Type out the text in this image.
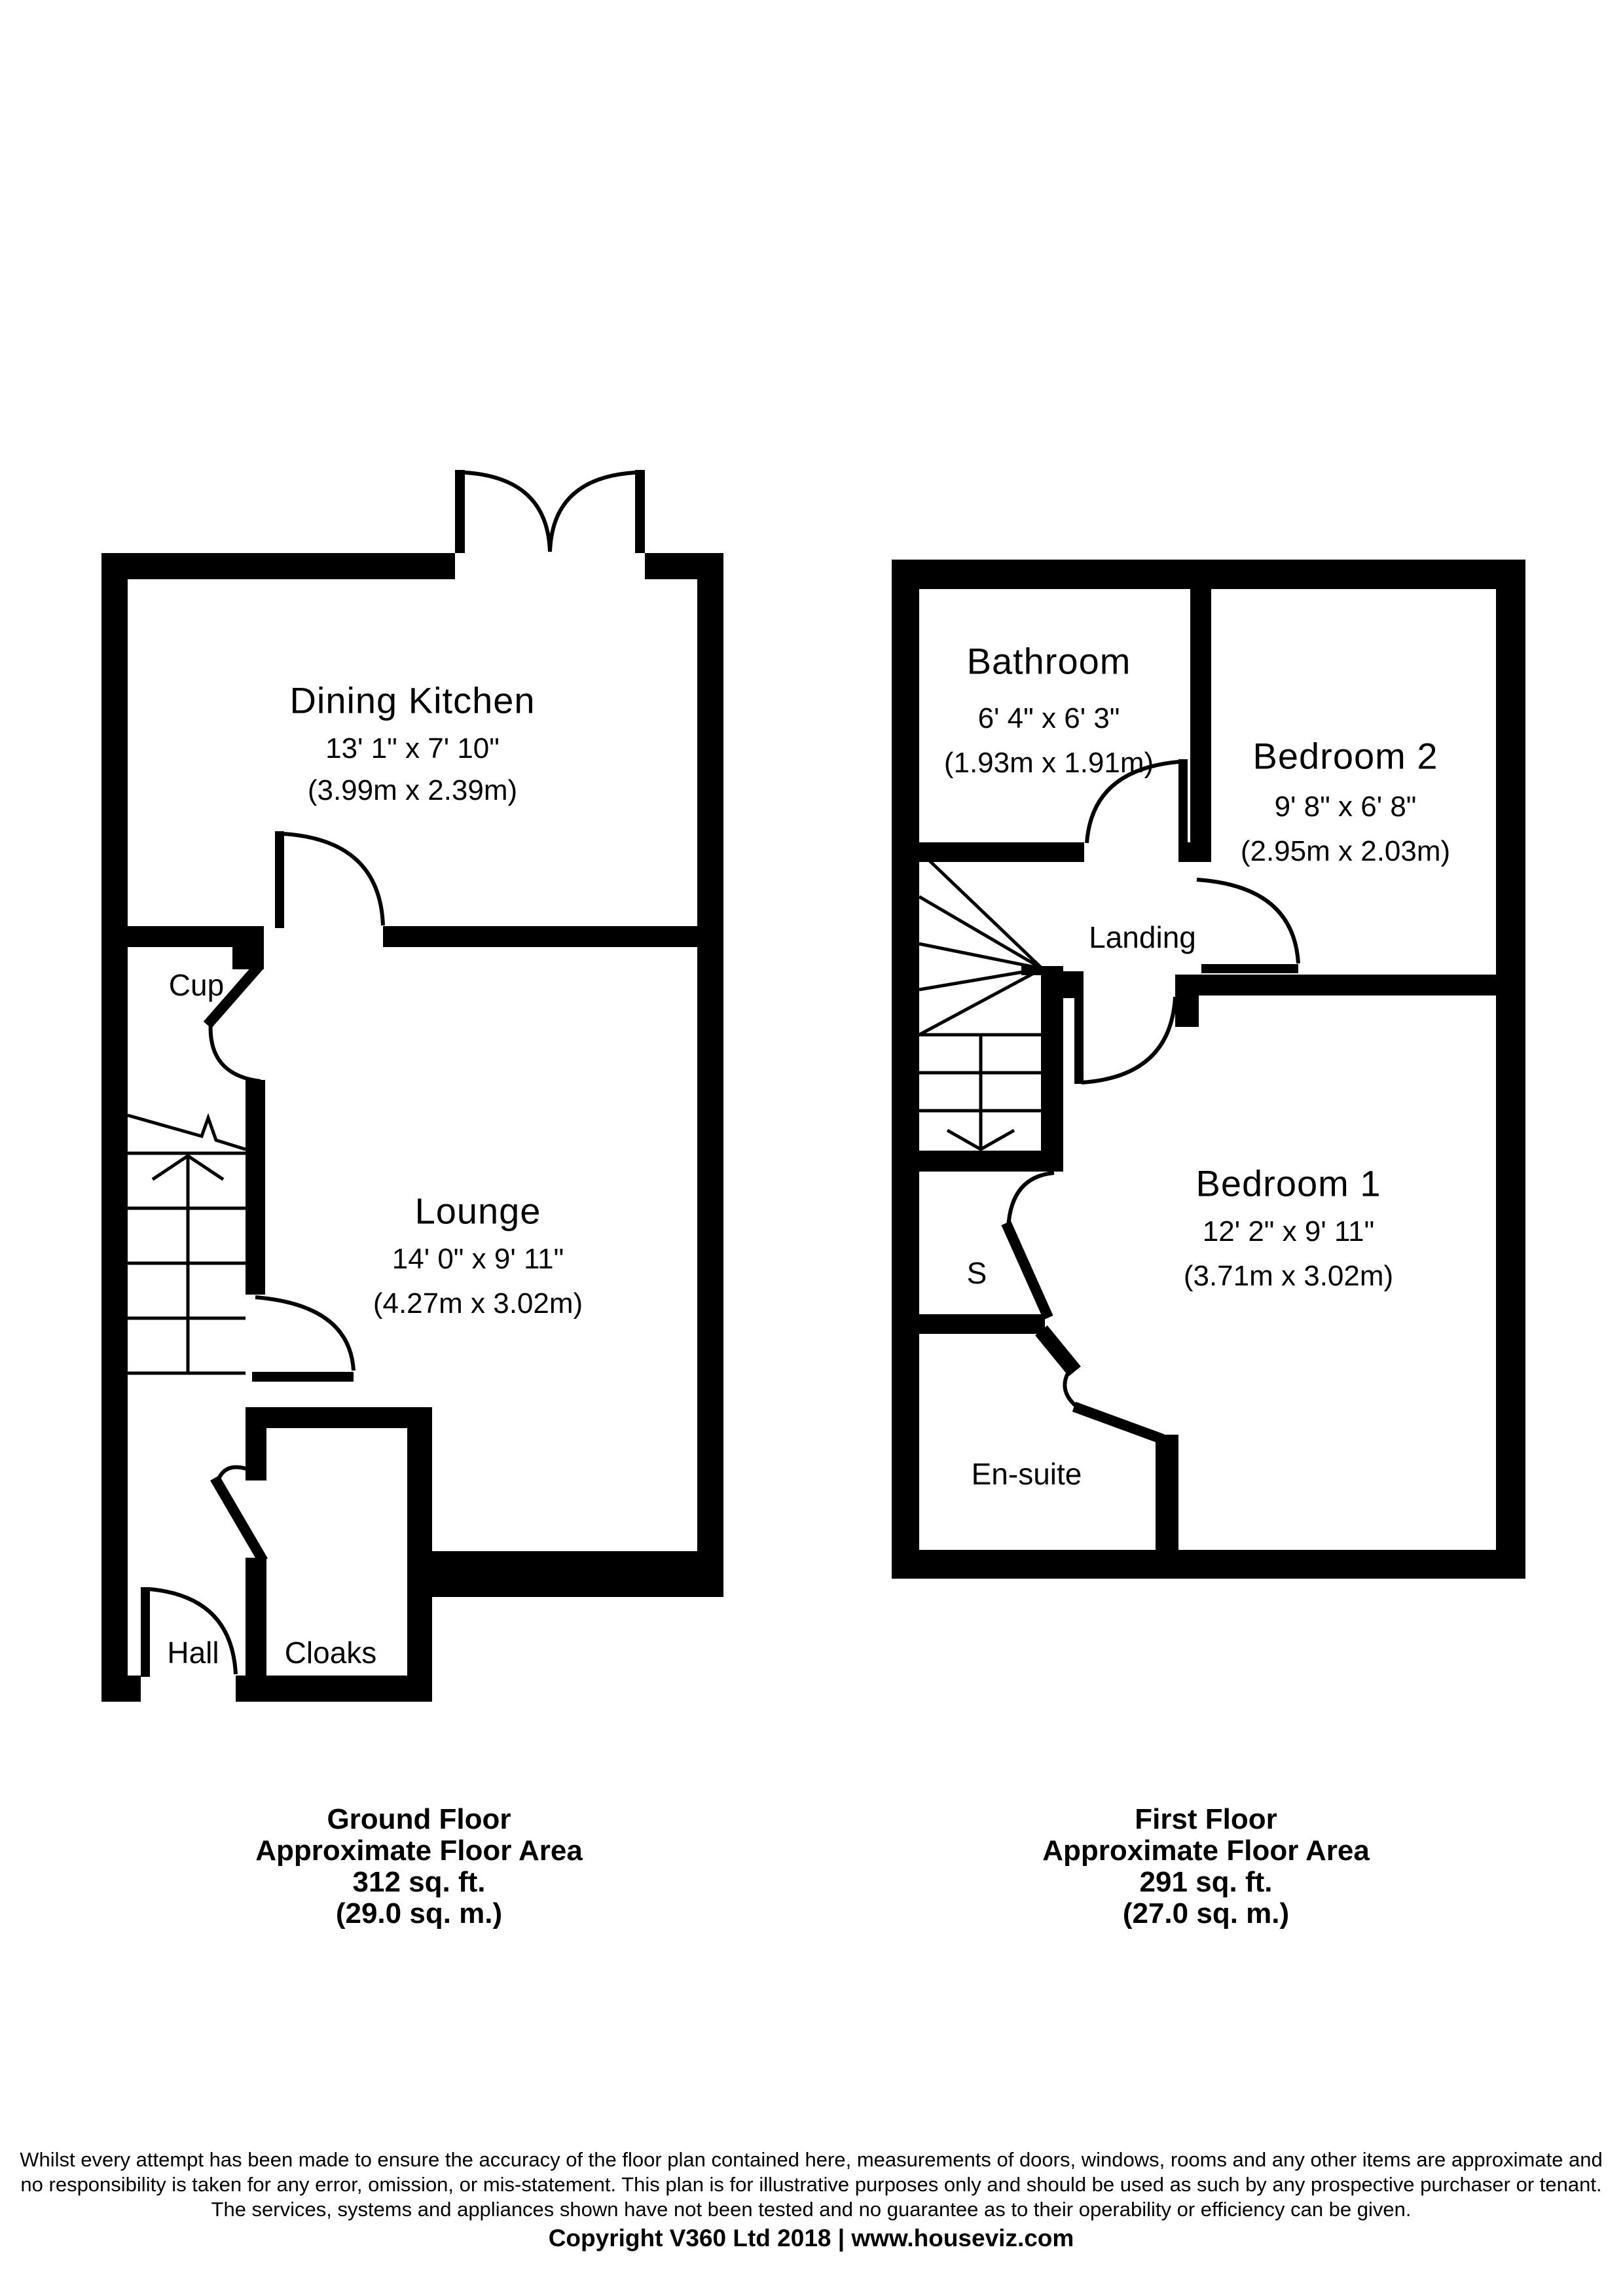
Dining Kitchen
13' 1" x 7' 10"
(3.99m x 2.39m)
Cup
Lounge
14' 0" x 9' 11"
(4.27m x 3.02m)
Hall Cloaks
Ground Floor
Approximate Floor Area
312 sq. ft.
(29.0 sq. m.)
Bathroom
6' 4" x 6' 3"
(1.93m x 1.91m)	Bedroom 2
9' 8" x 6' 8"
(2.95m x 2.03m)
Landing
Bedroom 1
12' 2" x 9' 11"
(3.71m x 3.02m)
S
En-suite
First Floor
Approximate Floor Area
291 sq. ft.
(27.0 sq. m.)
Whilst every attempt has been made to ensure the accuracy of the floor plan contained here, measurements of doors, windows, rooms and any other items are approximate and
no responsibility is taken for any error, omission, or mis-statement. This plan is for illustrative purposes only and should be used as such by any prospective purchaser or tenant.
The services, systems and appliances shown have not been tested and no guarantee as to their operability or efficiency can be given.
Copyright V360 Ltd 2018 | www.houseviz.com
